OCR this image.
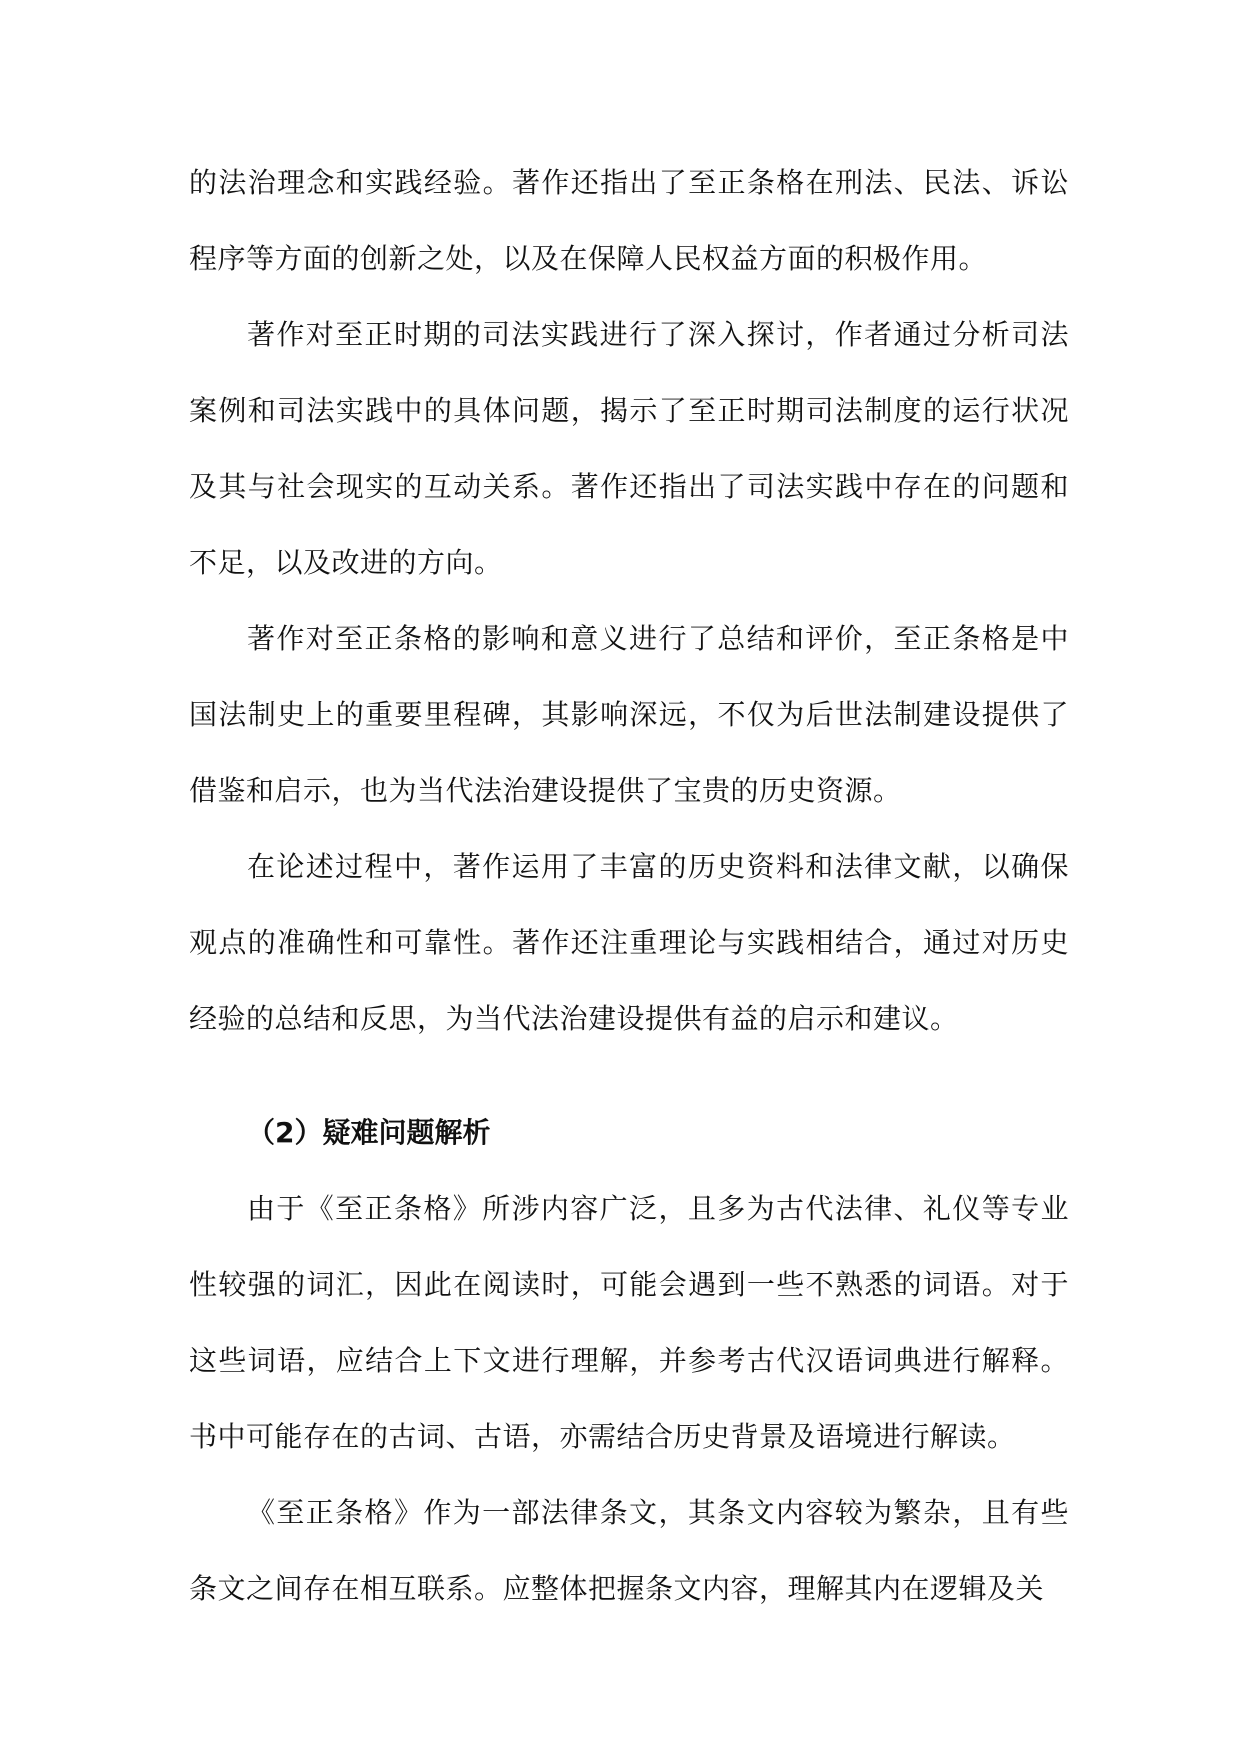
的法治理念和实践经验。著作还指出了至正条格在刑法、民法、诉讼程序等方面的创新之处，以及在保障人民权益方面的积极作用。

著作对至正时期的司法实践进行了深入探讨，作者通过分析司法案例和司法实践中的具体问题，揭示了至正时期司法制度的运行状况及其与社会现实的互动关系。著作还指出了司法实践中存在的问题和不足，以及改进的方向。

著作对至正条格的影响和意义进行了总结和评价，至正条格是中国法制史上的重要里程碑，其影响深远，不仅为后世法制建设提供了借鉴和启示，也为当代法治建设提供了宝贵的历史资源。

在论述过程中，著作运用了丰富的历史资料和法律文献，以确保观点的准确性和可靠性。著作还注重理论与实践相结合，通过对历史经验的总结和反思，为当代法治建设提供有益的启示和建议。

（2）疑难问题解析

由于《至正条格》所涉内容广泛，且多为古代法律、礼仪等专业性较强的词汇，因此在阅读时，可能会遇到一些不熟悉的词语。对于这些词语，应结合上下文进行理解，并参考古代汉语词典进行解释。书中可能存在的古词、古语，亦需结合历史背景及语境进行解读。

《至正条格》作为一部法律条文，其条文内容较为繁杂，且有些条文之间存在相互联系。应整体把握条文内容，理解其内在逻辑及关
